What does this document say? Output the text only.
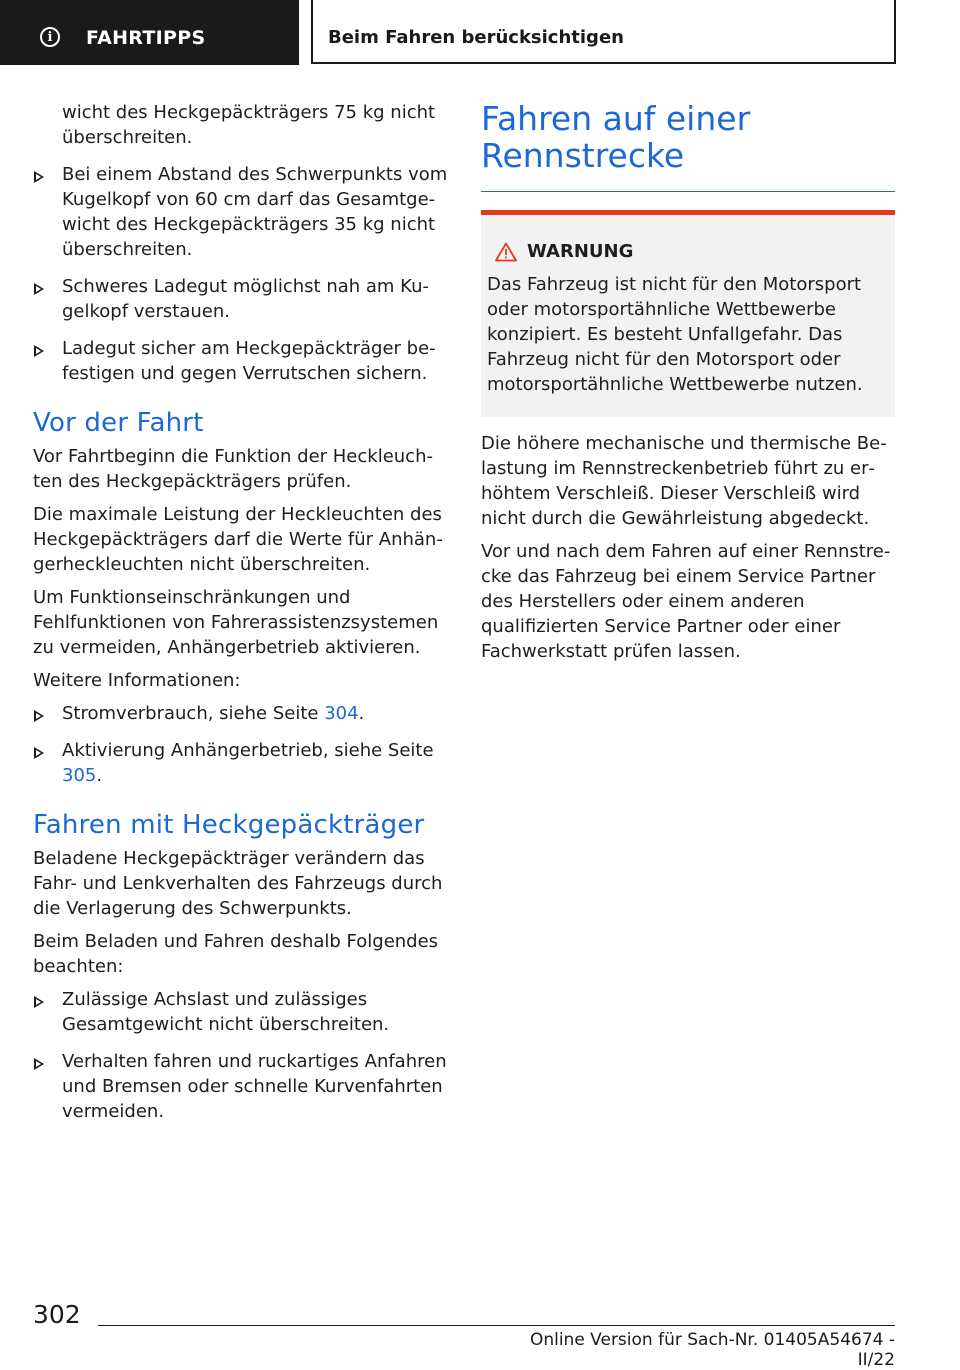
i	FAHRTIPPS	Beim Fahren berücksichtigen
wicht des Heckgepäckträgers 75 kg nicht überschreiten.
Bei einem Abstand des Schwerpunkts vom Kugelkopf von 60 cm darf das Gesamtgewicht des Heckgepäckträgers 35 kg nicht überschreiten.
Schweres Ladegut möglichst nah am Kugelkopf verstauen.
Ladegut sicher am Heckgepäckträger befestigen und gegen Verrutschen sichern.
Vor der Fahrt

Vor Fahrtbeginn die Funktion der Heckleuchten des Heckgepäckträgers prüfen.

Die maximale Leistung der Heckleuchten des Heckgepäckträgers darf die Werte für Anhängerheckleuchten nicht überschreiten.

Um Funktionseinschränkungen und Fehlfunktionen von Fahrerassistenzsystemen zu vermeiden, Anhängerbetrieb aktivieren.

Weitere Informationen:

Stromverbrauch, siehe Seite 304.
Aktivierung Anhängerbetrieb, siehe Seite 305.
Fahren mit Heckgepäckträger

Beladene Heckgepäckträger verändern das Fahr- und Lenkverhalten des Fahrzeugs durch die Verlagerung des Schwerpunkts.

Beim Beladen und Fahren deshalb Folgendes beachten:

Zulässige Achslast und zulässiges Gesamtgewicht nicht überschreiten.
Verhalten fahren und ruckartiges Anfahren und Bremsen oder schnelle Kurvenfahrten vermeiden.
Fahren auf einer Rennstrecke
WARNUNG
Das Fahrzeug ist nicht für den Motorsport oder motorsportähnliche Wettbewerbe konzipiert. Es besteht Unfallgefahr. Das Fahrzeug nicht für den Motorsport oder motorsportähnliche Wettbewerbe nutzen.

Die höhere mechanische und thermische Belastung im Rennstreckenbetrieb führt zu erhöhtem Verschleiß. Dieser Verschleiß wird nicht durch die Gewährleistung abgedeckt.

Vor und nach dem Fahren auf einer Rennstrecke das Fahrzeug bei einem Service Partner des Herstellers oder einem anderen qualifizierten Service Partner oder einer Fachwerkstatt prüfen lassen.

302
Online Version für Sach-Nr. 01405A54674 - II/22
